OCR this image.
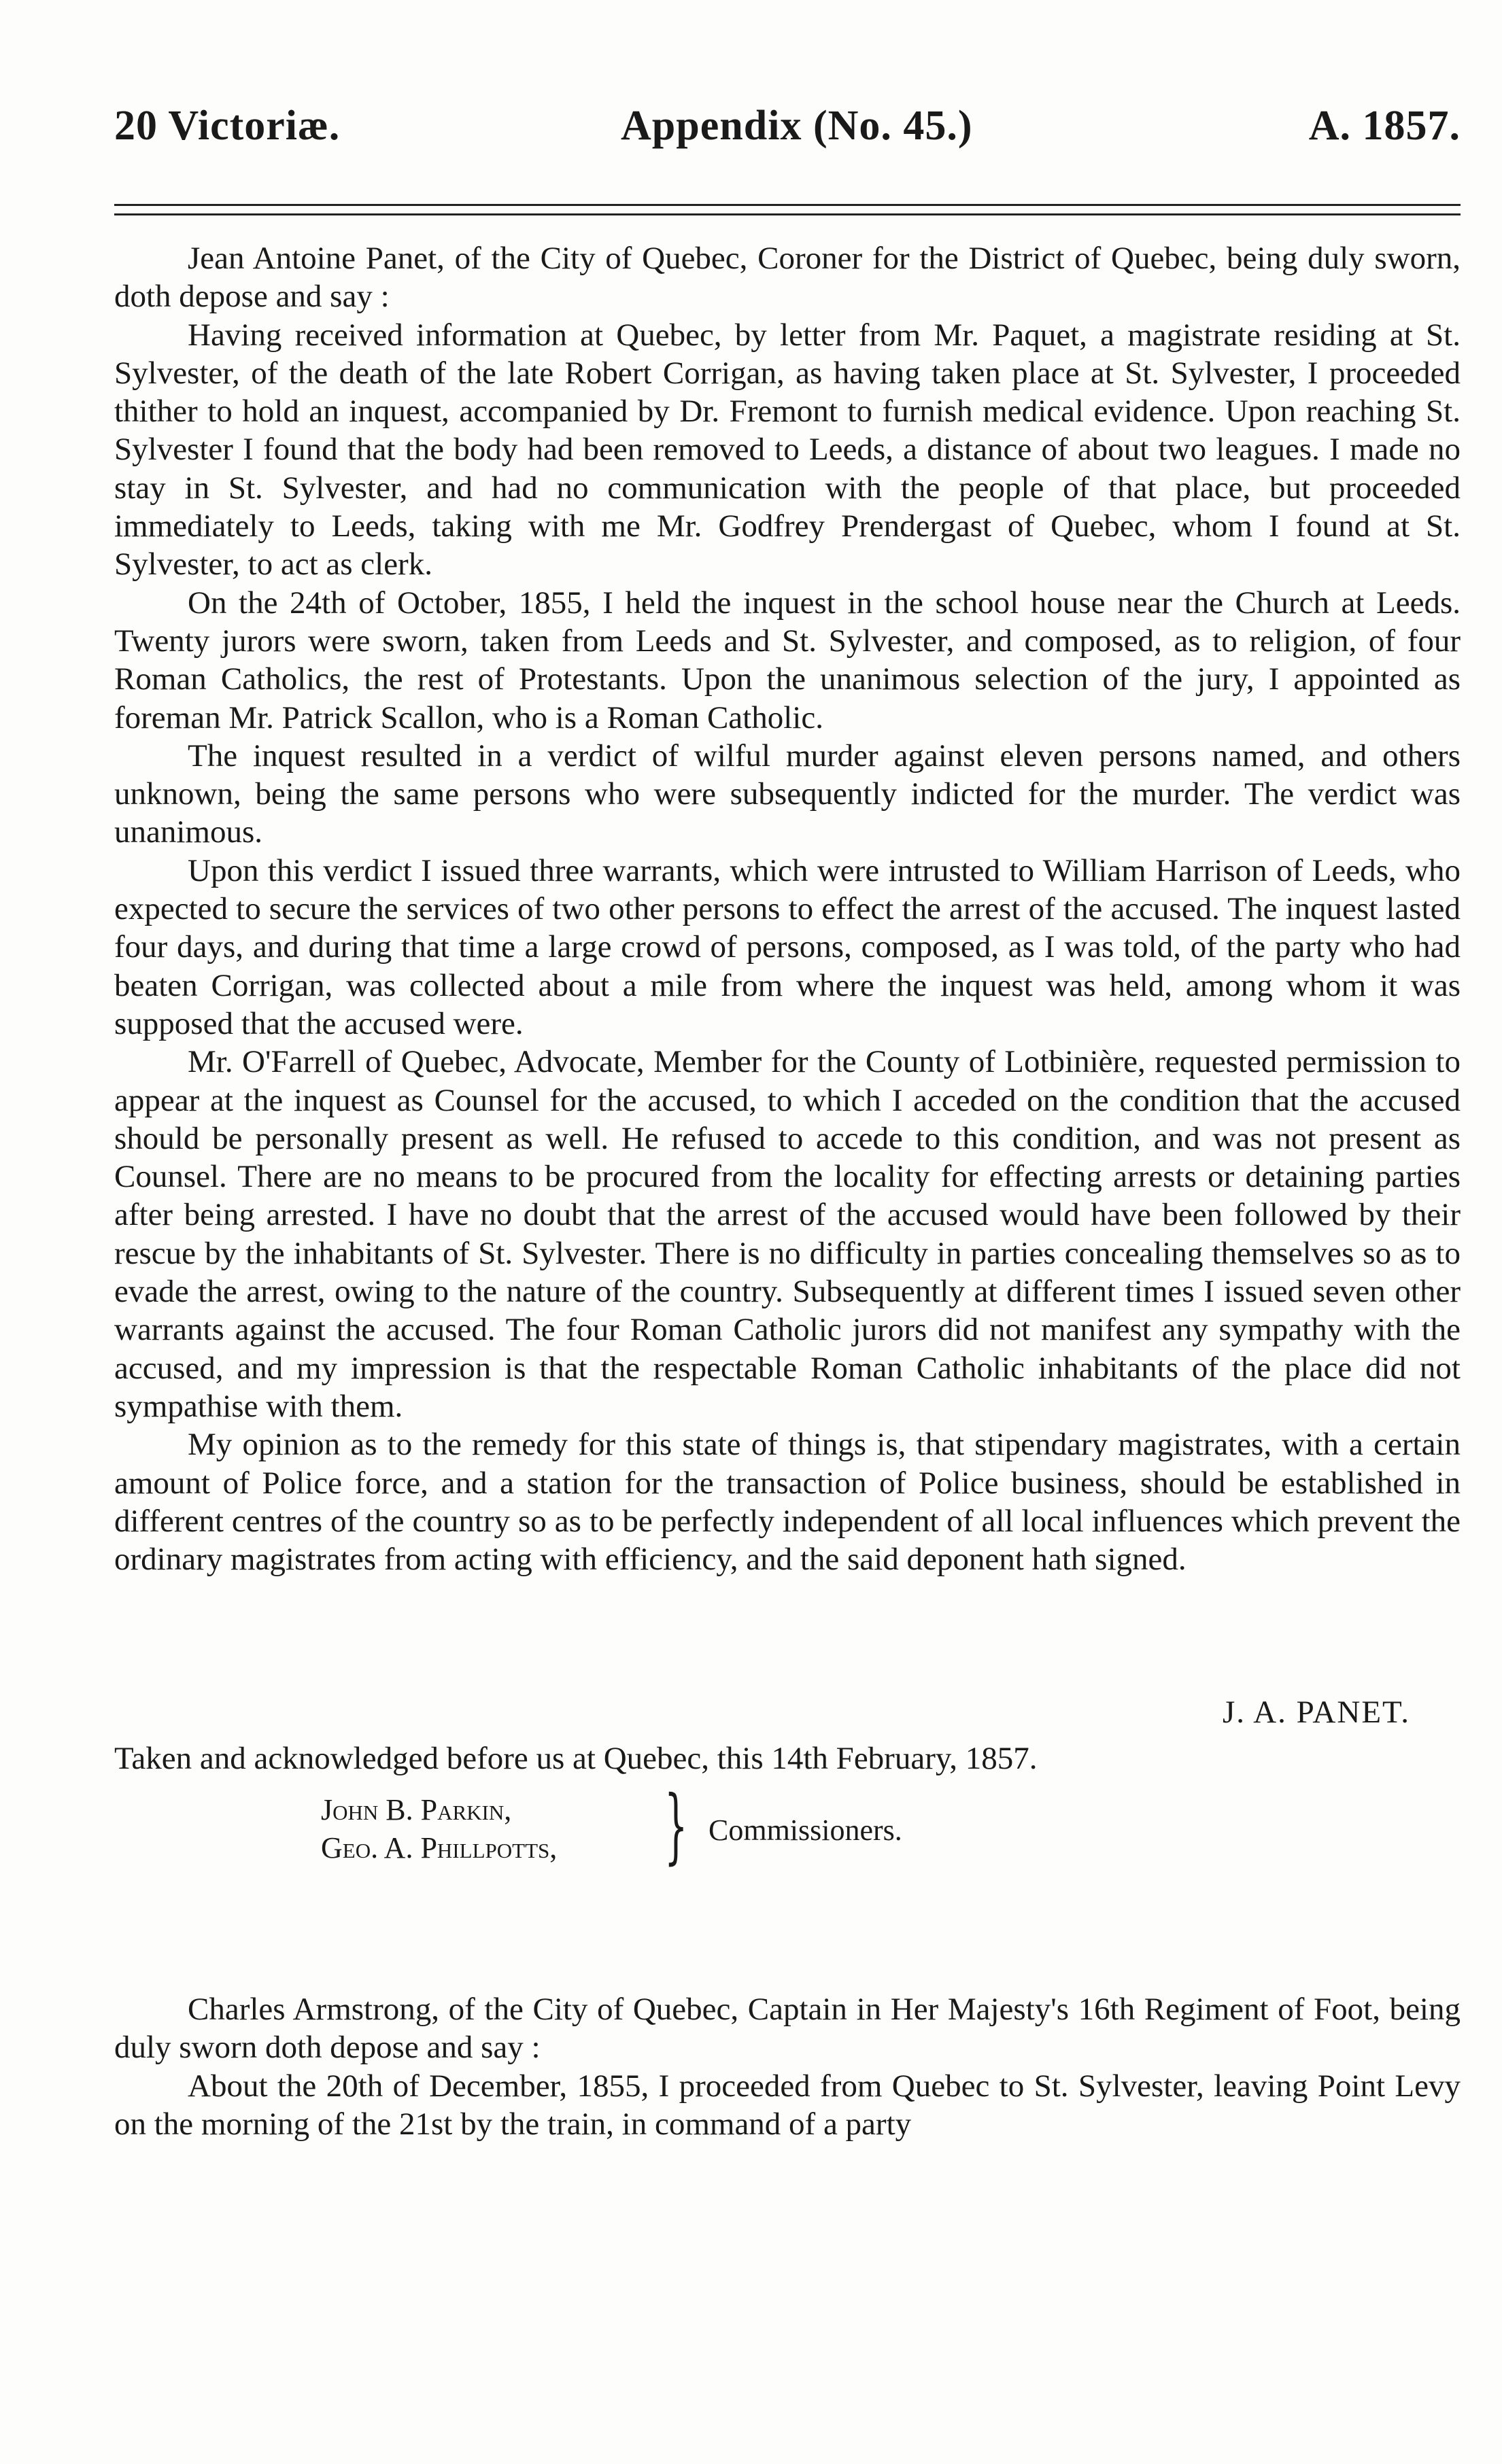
20 Victoriæ.	Appendix (No. 45.)	A. 1857.

Jean Antoine Panet, of the City of Quebec, Coroner for the District of Quebec, being duly sworn, doth depose and say :

Having received information at Quebec, by letter from Mr. Paquet, a magistrate residing at St. Sylvester, of the death of the late Robert Corrigan, as having taken place at St. Sylvester, I proceeded thither to hold an inquest, accompanied by Dr. Fremont to furnish medical evidence. Upon reaching St. Sylvester I found that the body had been removed to Leeds, a distance of about two leagues. I made no stay in St. Sylvester, and had no communication with the people of that place, but proceeded immediately to Leeds, taking with me Mr. Godfrey Prendergast of Quebec, whom I found at St. Sylvester, to act as clerk.

On the 24th of October, 1855, I held the inquest in the school house near the Church at Leeds. Twenty jurors were sworn, taken from Leeds and St. Sylvester, and composed, as to religion, of four Roman Catholics, the rest of Protestants. Upon the unanimous selection of the jury, I appointed as foreman Mr. Patrick Scallon, who is a Roman Catholic.

The inquest resulted in a verdict of wilful murder against eleven persons named, and others unknown, being the same persons who were subsequently indicted for the murder. The verdict was unanimous.

Upon this verdict I issued three warrants, which were intrusted to William Harrison of Leeds, who expected to secure the services of two other persons to effect the arrest of the accused. The inquest lasted four days, and during that time a large crowd of persons, composed, as I was told, of the party who had beaten Corrigan, was collected about a mile from where the inquest was held, among whom it was supposed that the accused were.

Mr. O'Farrell of Quebec, Advocate, Member for the County of Lotbinière, requested permission to appear at the inquest as Counsel for the accused, to which I acceded on the condition that the accused should be personally present as well. He refused to accede to this condition, and was not present as Counsel. There are no means to be procured from the locality for effecting arrests or detaining parties after being arrested. I have no doubt that the arrest of the accused would have been followed by their rescue by the inhabitants of St. Sylvester. There is no difficulty in parties concealing themselves so as to evade the arrest, owing to the nature of the country. Subsequently at different times I issued seven other warrants against the accused. The four Roman Catholic jurors did not manifest any sympathy with the accused, and my impression is that the respectable Roman Catholic inhabitants of the place did not sympathise with them.

My opinion as to the remedy for this state of things is, that stipendary magistrates, with a certain amount of Police force, and a station for the transaction of Police business, should be established in different centres of the country so as to be perfectly independent of all local influences which prevent the ordinary magistrates from acting with efficiency, and the said deponent hath signed.

J. A. PANET.
Taken and acknowledged before us at Quebec, this 14th February, 1857.
John B. Parkin,
Geo. A. Phillpotts, } Commissioners.

Charles Armstrong, of the City of Quebec, Captain in Her Majesty's 16th Regiment of Foot, being duly sworn doth depose and say :

About the 20th of December, 1855, I proceeded from Quebec to St. Sylvester, leaving Point Levy on the morning of the 21st by the train, in command of a party
